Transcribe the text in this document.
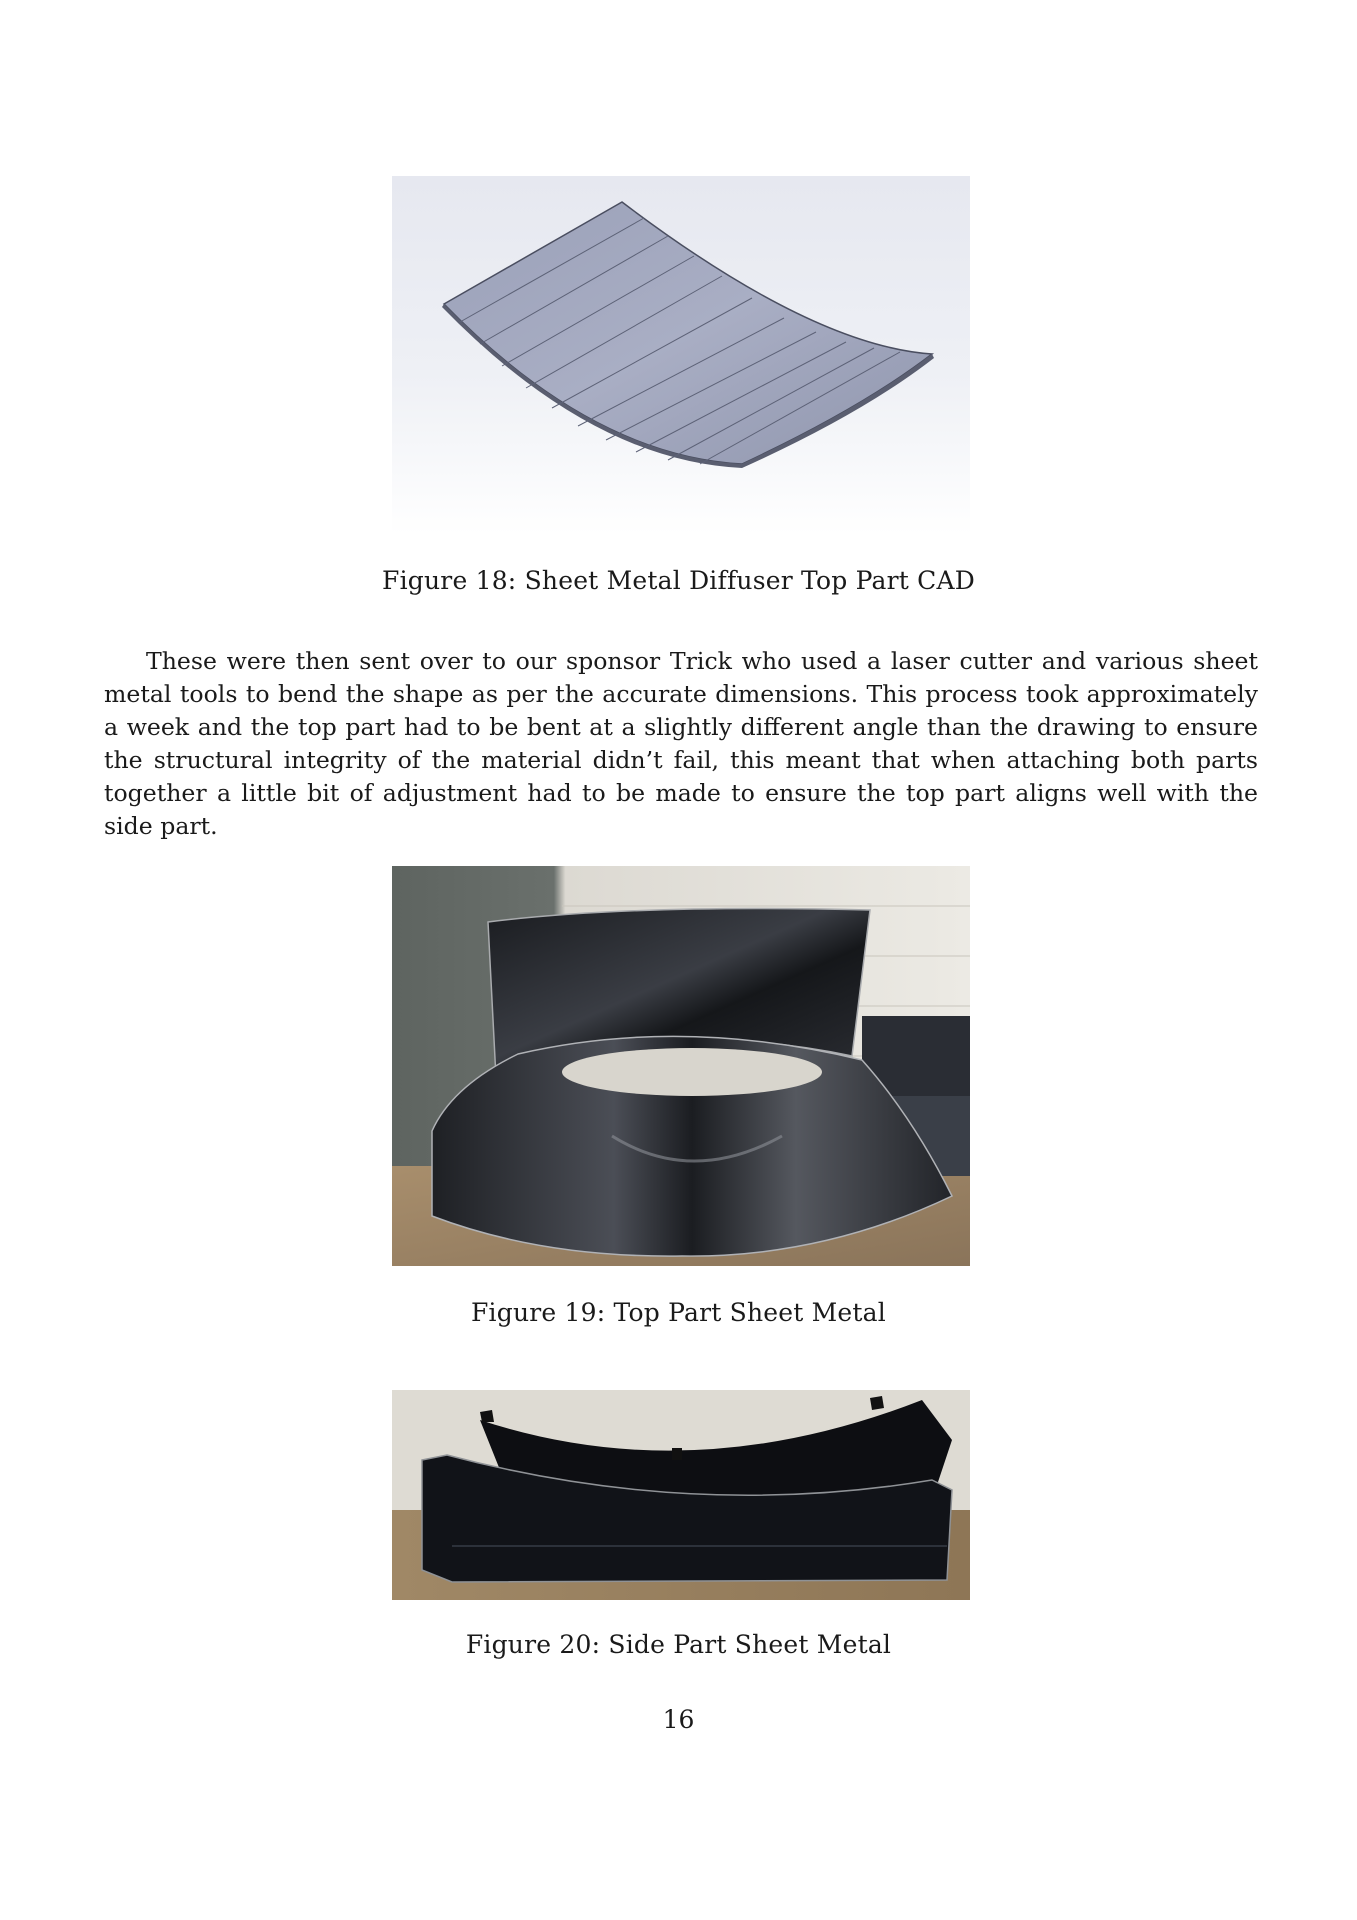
Figure 18: Sheet Metal Diffuser Top Part CAD

These were then sent over to our sponsor Trick who used a laser cutter and various sheet metal tools to bend the shape as per the accurate dimensions. This process took approximately a week and the top part had to be bent at a slightly different angle than the drawing to ensure the structural integrity of the material didn’t fail, this meant that when attaching both parts together a little bit of adjustment had to be made to ensure the top part aligns well with the side part.

Figure 19: Top Part Sheet Metal
Figure 20: Side Part Sheet Metal
16
